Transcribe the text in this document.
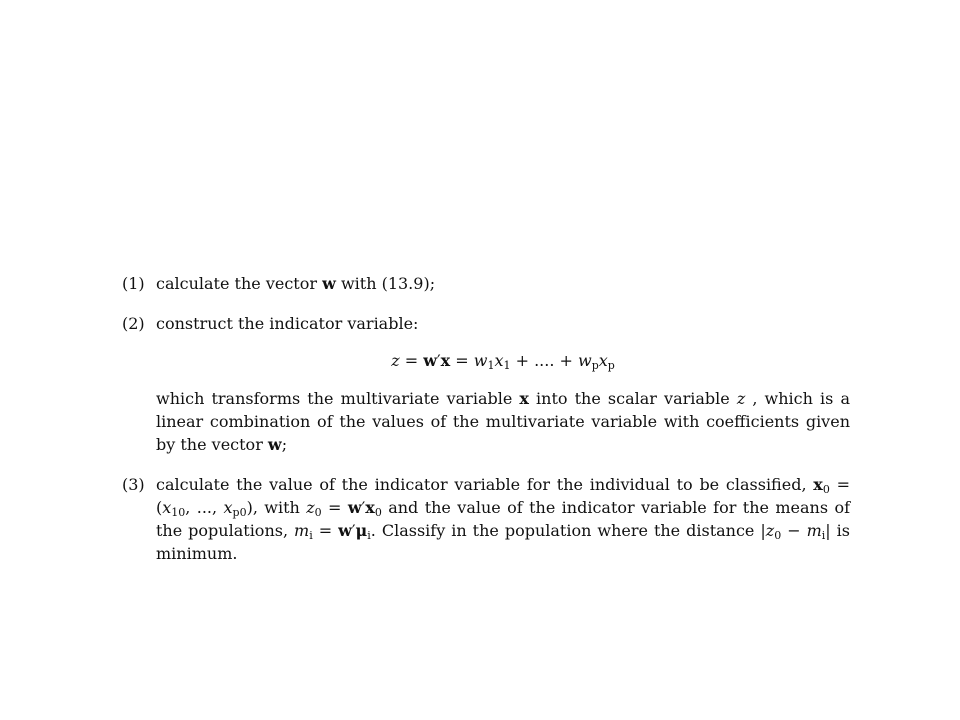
(1) calculate the vector w with (13.9);
(2) construct the indicator variable:
$z = w'x = w_1x_1$ + .... + $w_px_p$
which transforms the multivariate variable x into the scalar variable z , which is a linear combination of the values of the multivariate variable with coefficients given by the vector w;
(3) calculate the value of the indicator variable for the individual to be classified, $x_0 = (x_{10}$, ..., $x_{p0}$), with $z_0 = w'x_0$ and the value of the indicator variable for the means of the populations, $m_i = w'\mu_i$. Classify in the population where the distance $|z_0 - m_i|$ is minimum.
